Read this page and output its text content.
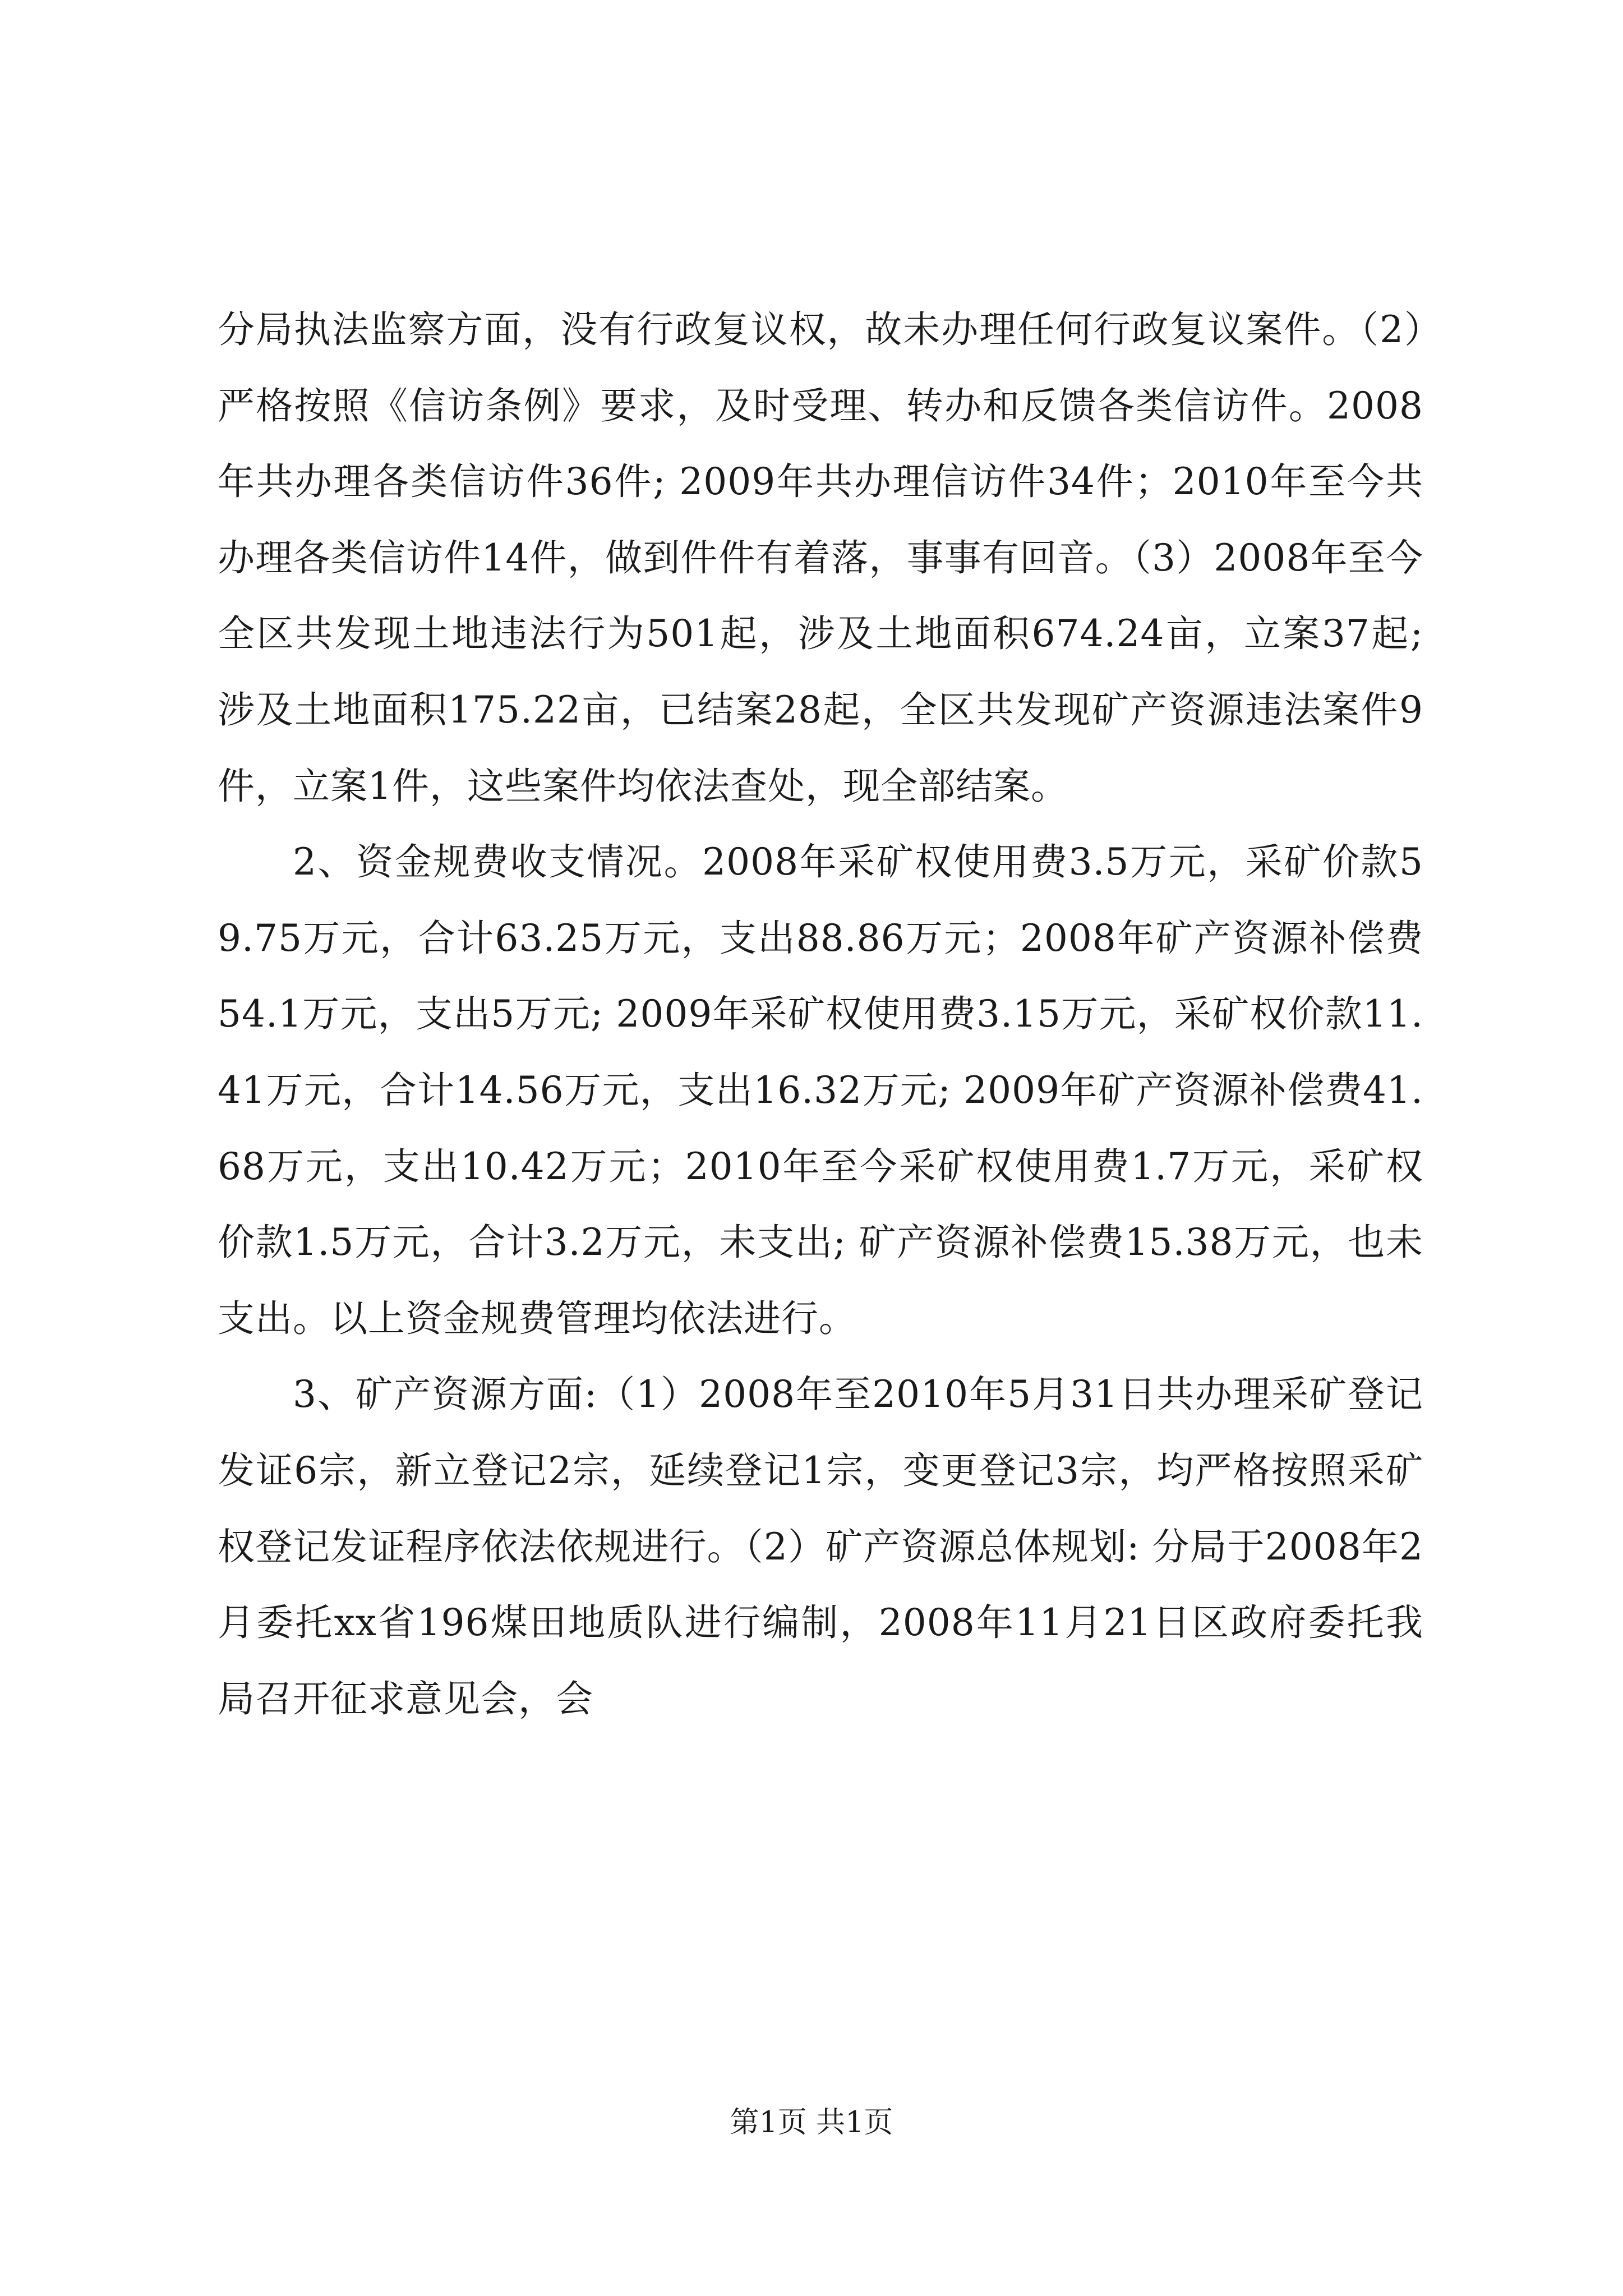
分局执法监察方面，没有行政复议权，故未办理任何行政复议案件。（2）严格按照《信访条例》要求，及时受理、转办和反馈各类信访件。2008年共办理各类信访件36件; 2009年共办理信访件34件；2010年至今共办理各类信访件14件，做到件件有着落，事事有回音。（3）2008年至今全区共发现土地违法行为501起，涉及土地面积674.24亩，立案37起; 涉及土地面积175.22亩，已结案28起，全区共发现矿产资源违法案件9件，立案1件，这些案件均依法查处，现全部结案。

2、资金规费收支情况。2008年采矿权使用费3.5万元，采矿价款59.75万元，合计63.25万元，支出88.86万元；2008年矿产资源补偿费54.1万元，支出5万元; 2009年采矿权使用费3.15万元，采矿权价款11.41万元，合计14.56万元，支出16.32万元; 2009年矿产资源补偿费41.68万元，支出10.42万元；2010年至今采矿权使用费1.7万元，采矿权价款1.5万元，合计3.2万元，未支出; 矿产资源补偿费15.38万元，也未支出。以上资金规费管理均依法进行。

3、矿产资源方面:（1）2008年至2010年5月31日共办理采矿登记发证6宗，新立登记2宗，延续登记1宗，变更登记3宗，均严格按照采矿权登记发证程序依法依规进行。（2）矿产资源总体规划: 分局于2008年2月委托xx省196煤田地质队进行编制，2008年11月21日区政府委托我局召开征求意见会，会

第1页 共1页
